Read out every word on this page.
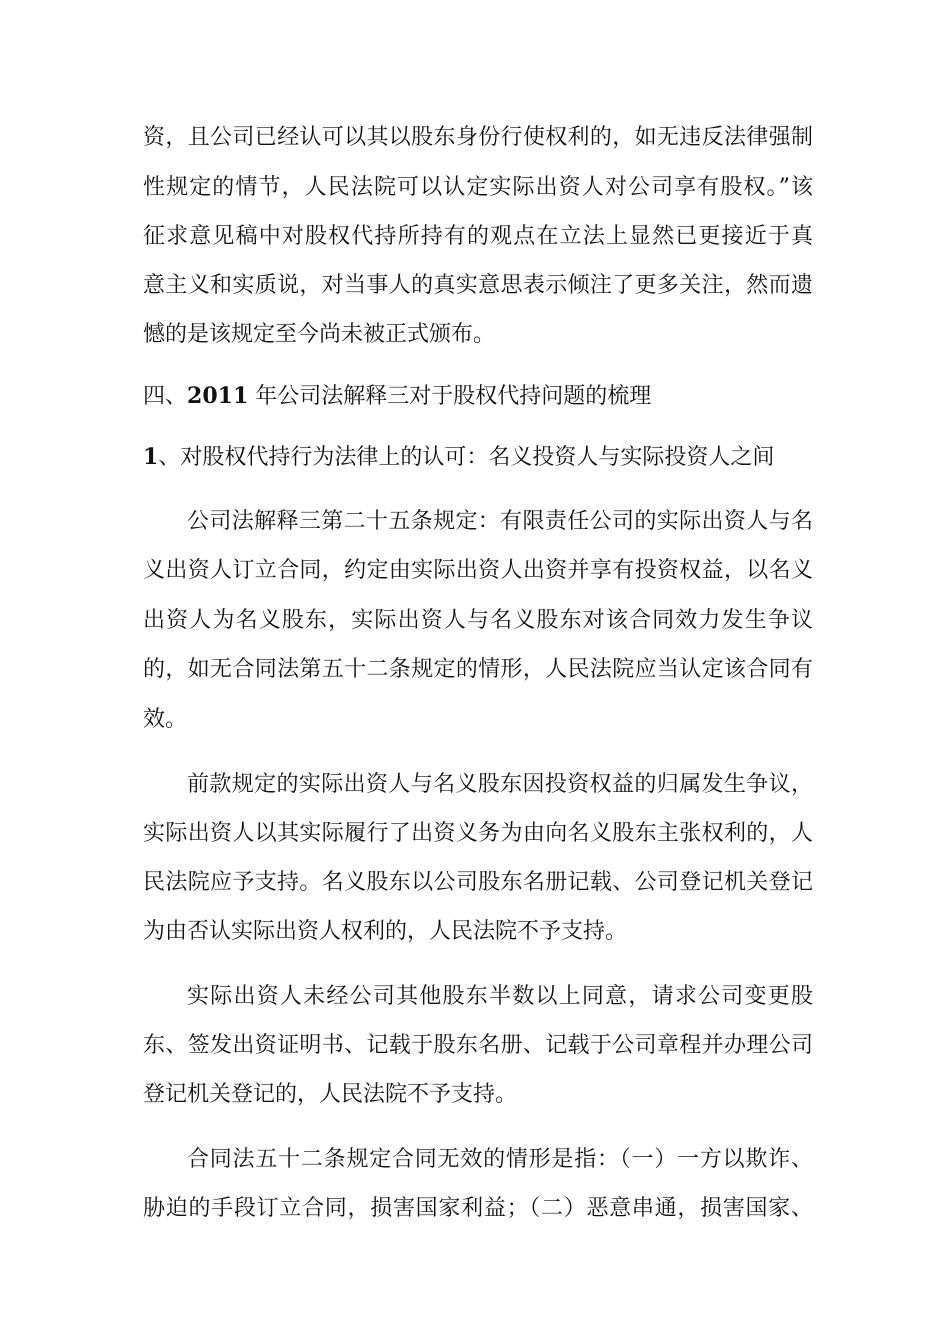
资，且公司已经认可以其以股东身份行使权利的，如无违反法律强制
性规定的情节，人民法院可以认定实际出资人对公司享有股权。”该
征求意见稿中对股权代持所持有的观点在立法上显然已更接近于真
意主义和实质说，对当事人的真实意思表示倾注了更多关注，然而遗
憾的是该规定至今尚未被正式颁布。
四、2011 年公司法解释三对于股权代持问题的梳理
1、对股权代持行为法律上的认可：名义投资人与实际投资人之间
公司法解释三第二十五条规定：有限责任公司的实际出资人与名
义出资人订立合同，约定由实际出资人出资并享有投资权益，以名义
出资人为名义股东，实际出资人与名义股东对该合同效力发生争议
的，如无合同法第五十二条规定的情形，人民法院应当认定该合同有
效。
前款规定的实际出资人与名义股东因投资权益的归属发生争议，
实际出资人以其实际履行了出资义务为由向名义股东主张权利的，人
民法院应予支持。名义股东以公司股东名册记载、公司登记机关登记
为由否认实际出资人权利的，人民法院不予支持。
实际出资人未经公司其他股东半数以上同意，请求公司变更股
东、签发出资证明书、记载于股东名册、记载于公司章程并办理公司
登记机关登记的，人民法院不予支持。
合同法五十二条规定合同无效的情形是指：（一）一方以欺诈、
胁迫的手段订立合同，损害国家利益；（二）恶意串通，损害国家、
